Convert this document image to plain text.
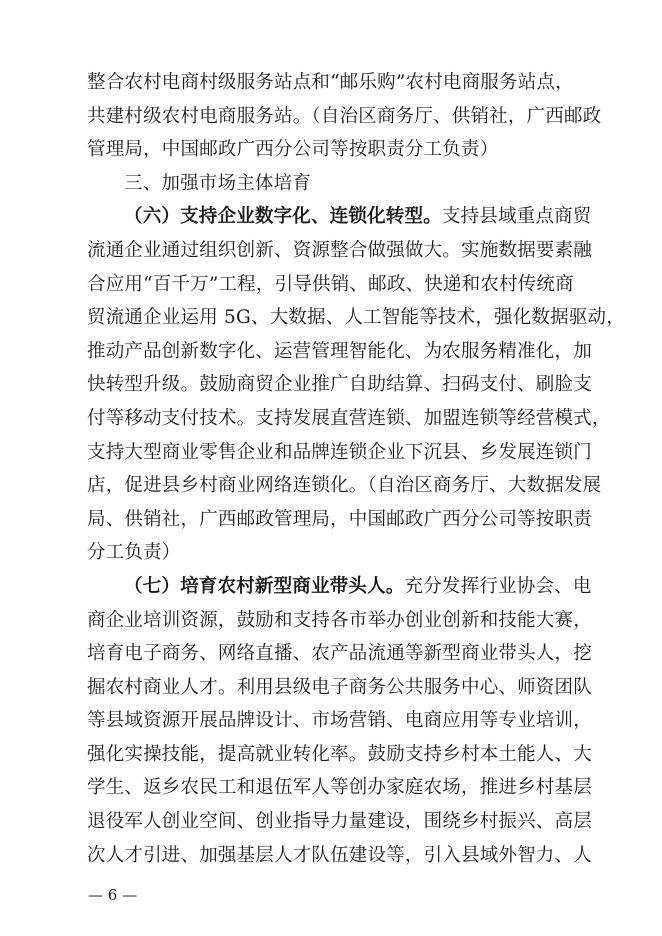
整合农村电商村级服务站点和“邮乐购”农村电商服务站点，
共建村级农村电商服务站。（自治区商务厅、供销社，广西邮政
管理局，中国邮政广西分公司等按职责分工负责）
三、加强市场主体培育
（六）支持企业数字化、连锁化转型。支持县域重点商贸
流通企业通过组织创新、资源整合做强做大。实施数据要素融
合应用“百千万”工程，引导供销、邮政、快递和农村传统商
贸流通企业运用 5G、大数据、人工智能等技术，强化数据驱动，
推动产品创新数字化、运营管理智能化、为农服务精准化，加
快转型升级。鼓励商贸企业推广自助结算、扫码支付、刷脸支
付等移动支付技术。支持发展直营连锁、加盟连锁等经营模式，
支持大型商业零售企业和品牌连锁企业下沉县、乡发展连锁门
店，促进县乡村商业网络连锁化。（自治区商务厅、大数据发展
局、供销社，广西邮政管理局，中国邮政广西分公司等按职责
分工负责）
（七）培育农村新型商业带头人。充分发挥行业协会、电
商企业培训资源，鼓励和支持各市举办创业创新和技能大赛，
培育电子商务、网络直播、农产品流通等新型商业带头人，挖
掘农村商业人才。利用县级电子商务公共服务中心、师资团队
等县域资源开展品牌设计、市场营销、电商应用等专业培训，
强化实操技能，提高就业转化率。鼓励支持乡村本土能人、大
学生、返乡农民工和退伍军人等创办家庭农场，推进乡村基层
退役军人创业空间、创业指导力量建设，围绕乡村振兴、高层
次人才引进、加强基层人才队伍建设等，引入县域外智力、人
— 6 —
